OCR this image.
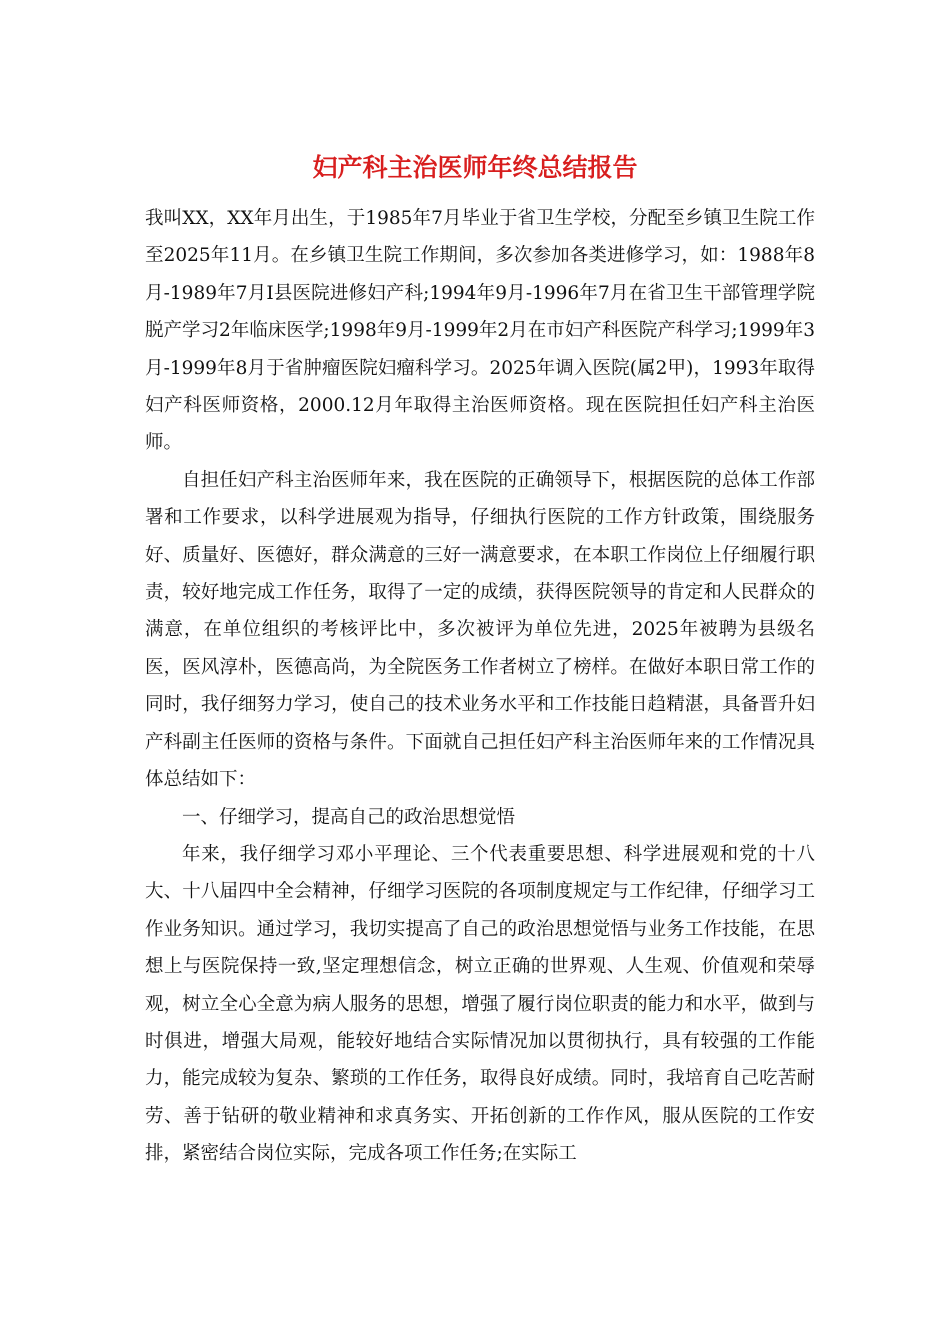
妇产科主治医师年终总结报告

我叫XX，XX年月出生，于1985年7月毕业于省卫生学校，分配至乡镇卫生院工作至2025年11月。在乡镇卫生院工作期间，多次参加各类进修学习，如：1988年8月-1989年7月Ⅰ县医院进修妇产科;1994年9月-1996年7月在省卫生干部管理学院脱产学习2年临床医学;1998年9月-1999年2月在市妇产科医院产科学习;1999年3月-1999年8月于省肿瘤医院妇瘤科学习。2025年调入医院(属2甲)，1993年取得妇产科医师资格，2000.12月年取得主治医师资格。现在医院担任妇产科主治医师。

自担任妇产科主治医师年来，我在医院的正确领导下，根据医院的总体工作部署和工作要求，以科学进展观为指导，仔细执行医院的工作方针政策，围绕服务好、质量好、医德好，群众满意的三好一满意要求，在本职工作岗位上仔细履行职责，较好地完成工作任务，取得了一定的成绩，获得医院领导的肯定和人民群众的满意，在单位组织的考核评比中，多次被评为单位先进，2025年被聘为县级名医，医风淳朴，医德高尚，为全院医务工作者树立了榜样。在做好本职日常工作的同时，我仔细努力学习，使自己的技术业务水平和工作技能日趋精湛，具备晋升妇产科副主任医师的资格与条件。下面就自己担任妇产科主治医师年来的工作情况具体总结如下：

一、仔细学习，提高自己的政治思想觉悟

年来，我仔细学习邓小平理论、三个代表重要思想、科学进展观和党的十八大、十八届四中全会精神，仔细学习医院的各项制度规定与工作纪律，仔细学习工作业务知识。通过学习，我切实提高了自己的政治思想觉悟与业务工作技能，在思想上与医院保持一致,坚定理想信念，树立正确的世界观、人生观、价值观和荣辱观，树立全心全意为病人服务的思想，增强了履行岗位职责的能力和水平，做到与时俱进，增强大局观，能较好地结合实际情况加以贯彻执行，具有较强的工作能力，能完成较为复杂、繁琐的工作任务，取得良好成绩。同时，我培育自己吃苦耐劳、善于钻研的敬业精神和求真务实、开拓创新的工作作风，服从医院的工作安排，紧密结合岗位实际，完成各项工作任务;在实际工
